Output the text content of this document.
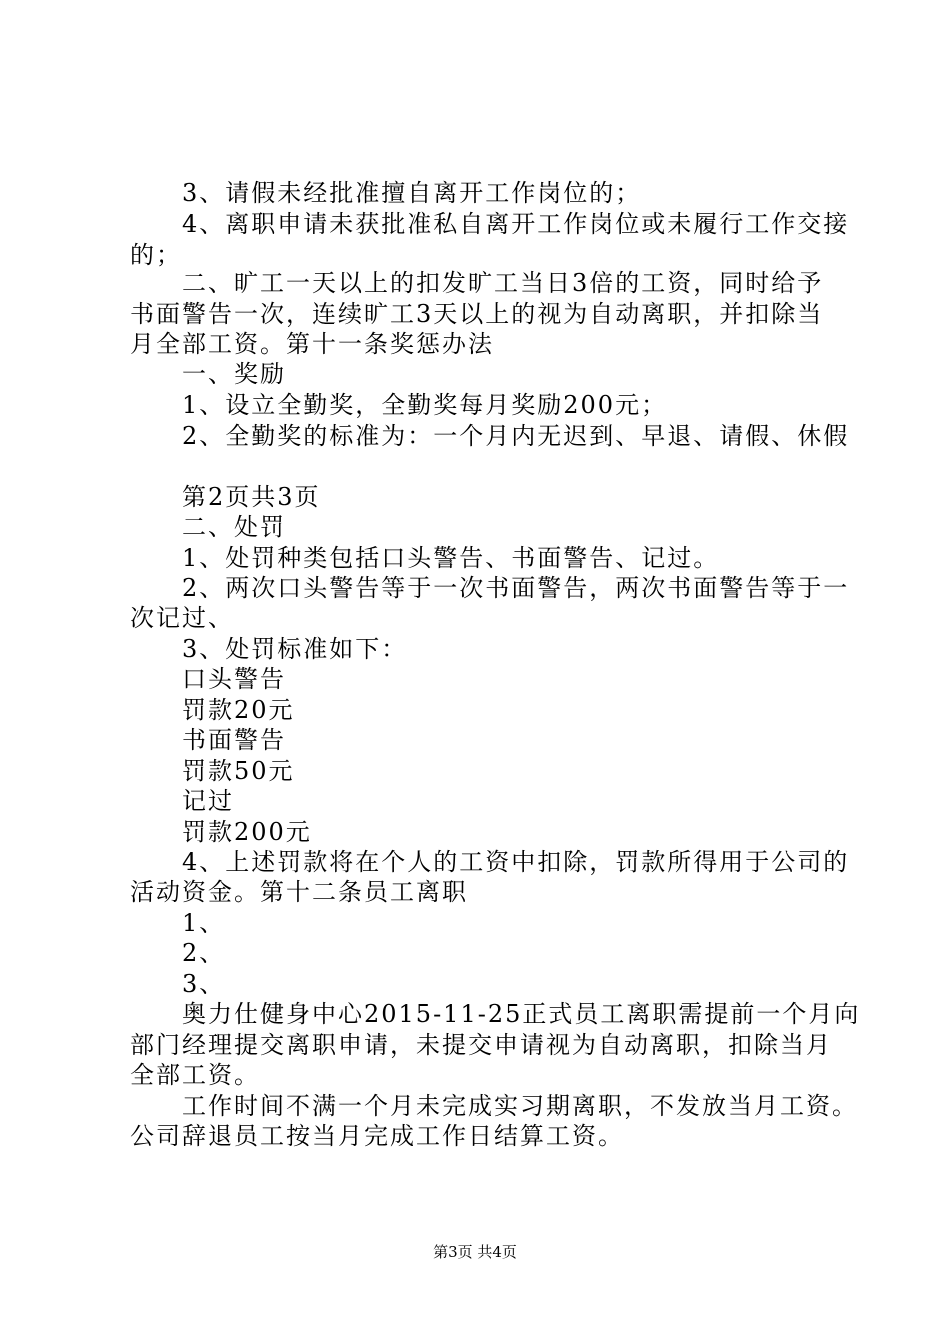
　　3、请假未经批准擅自离开工作岗位的；
　　4、离职申请未获批准私自离开工作岗位或未履行工作交接
的；
　　二、旷工一天以上的扣发旷工当日3倍的工资，同时给予
书面警告一次，连续旷工3天以上的视为自动离职，并扣除当
月全部工资。第十一条奖惩办法
　　一、奖励
　　1、设立全勤奖，全勤奖每月奖励200元；
　　2、全勤奖的标准为：一个月内无迟到、早退、请假、休假
　　第2页共3页
　　二、处罚
　　1、处罚种类包括口头警告、书面警告、记过。
　　2、两次口头警告等于一次书面警告，两次书面警告等于一
次记过、
　　3、处罚标准如下：
　　口头警告
　　罚款20元
　　书面警告
　　罚款50元
　　记过
　　罚款200元
　　4、上述罚款将在个人的工资中扣除，罚款所得用于公司的
活动资金。第十二条员工离职
　　1、
　　2、
　　3、
　　奥力仕健身中心2015-11-25正式员工离职需提前一个月向
部门经理提交离职申请，未提交申请视为自动离职，扣除当月
全部工资。
　　工作时间不满一个月未完成实习期离职，不发放当月工资。
公司辞退员工按当月完成工作日结算工资。
第3页 共4页
